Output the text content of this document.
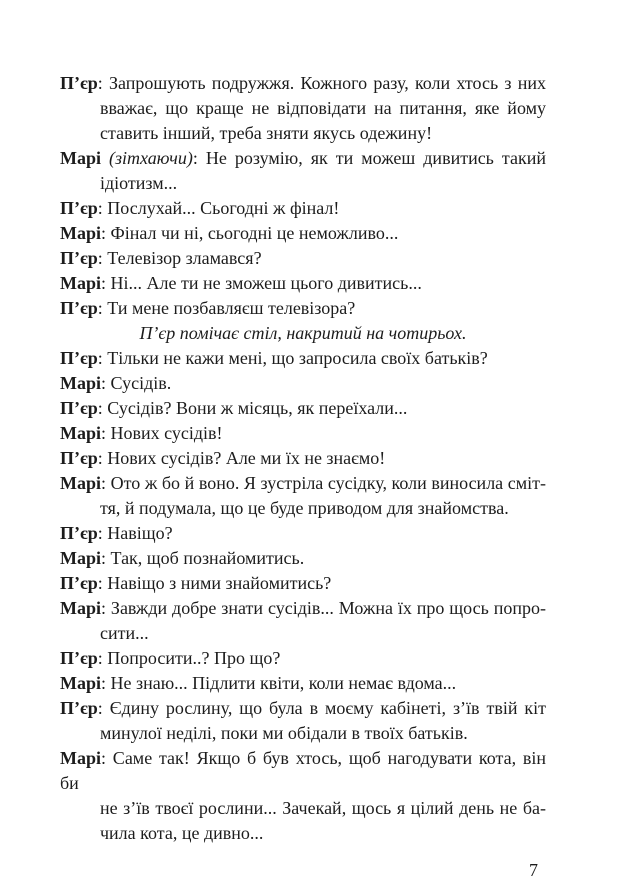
П’єр: Запрошують подружжя. Кожного разу, коли хтось з них
вважає, що краще не відповідати на питання, яке йому
ставить інший, треба зняти якусь одежину!
Марі (зітхаючи): Не розумію, як ти можеш дивитись такий
ідіотизм...
П’єр: Послухай... Сьогодні ж фінал!
Марі: Фінал чи ні, сьогодні це неможливо...
П’єр: Телевізор зламався?
Марі: Ні... Але ти не зможеш цього дивитись...
П’єр: Ти мене позбавляєш телевізора?
П’єр помічає стіл, накритий на чотирьох.
П’єр: Тільки не кажи мені, що запросила своїх батьків?
Марі: Сусідів.
П’єр: Сусідів? Вони ж місяць, як переїхали...
Марі: Нових сусідів!
П’єр: Нових сусідів? Але ми їх не знаємо!
Марі: Ото ж бо й воно. Я зустріла сусідку, коли виносила сміт-
тя, й подумала, що це буде приводом для знайомства.
П’єр: Навіщо?
Марі: Так, щоб познайомитись.
П’єр: Навіщо з ними знайомитись?
Марі: Завжди добре знати сусідів... Можна їх про щось попро-
сити...
П’єр: Попросити..? Про що?
Марі: Не знаю... Підлити квіти, коли немає вдома...
П’єр: Єдину рослину, що була в моєму кабінеті, з’їв твій кіт
минулої неділі, поки ми обідали в твоїх батьків.
Марі: Саме так! Якщо б був хтось, щоб нагодувати кота, він би
не з’їв твоєї рослини... Зачекай, щось я цілий день не ба-
чила кота, це дивно...
7
